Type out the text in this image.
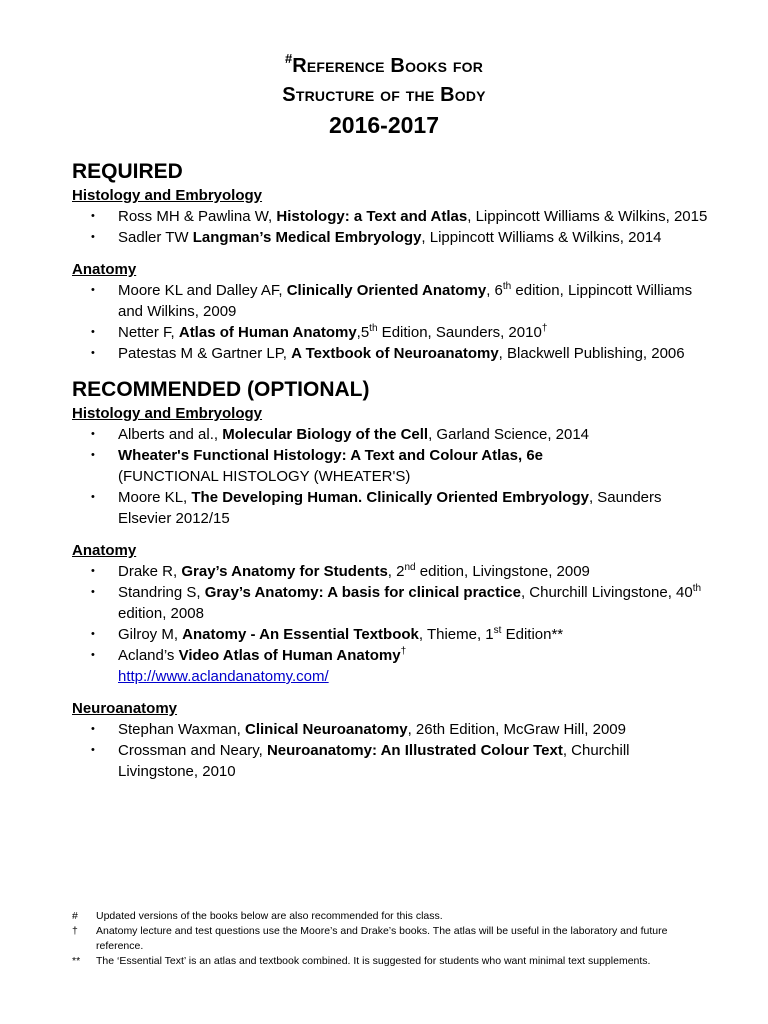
#Reference Books for
Structure of the Body
2016-2017
REQUIRED
Histology and Embryology
• Ross MH & Pawlina W, Histology: a Text and Atlas, Lippincott Williams & Wilkins, 2015
• Sadler TW Langman’s Medical Embryology, Lippincott Williams & Wilkins, 2014
Anatomy
• Moore KL and Dalley AF, Clinically Oriented Anatomy, 6th edition, Lippincott Williams and Wilkins, 2009
• Netter F, Atlas of Human Anatomy,5th Edition, Saunders, 2010†
• Patestas M & Gartner LP, A Textbook of Neuroanatomy, Blackwell Publishing, 2006
RECOMMENDED (OPTIONAL)
Histology and Embryology
• Alberts and al., Molecular Biology of the Cell, Garland Science, 2014
• Wheater's Functional Histology: A Text and Colour Atlas, 6e
(FUNCTIONAL HISTOLOGY (WHEATER'S)
• Moore KL, The Developing Human. Clinically Oriented Embryology, Saunders Elsevier 2012/15
Anatomy
• Drake R, Gray’s Anatomy for Students, 2nd edition, Livingstone, 2009
• Standring S, Gray’s Anatomy: A basis for clinical practice, Churchill Livingstone, 40th edition, 2008
• Gilroy M, Anatomy - An Essential Textbook, Thieme, 1st Edition**
• Acland’s Video Atlas of Human Anatomy†
http://www.aclandanatomy.com/
Neuroanatomy
• Stephan Waxman, Clinical Neuroanatomy, 26th Edition, McGraw Hill, 2009
• Crossman and Neary, Neuroanatomy: An Illustrated Colour Text, Churchill Livingstone, 2010
#	Updated versions of the books below are also recommended for this class.
†	Anatomy lecture and test questions use the Moore’s and Drake’s books. The atlas will be useful in the laboratory and future reference.
**	The ‘Essential Text’ is an atlas and textbook combined. It is suggested for students who want minimal text supplements.
